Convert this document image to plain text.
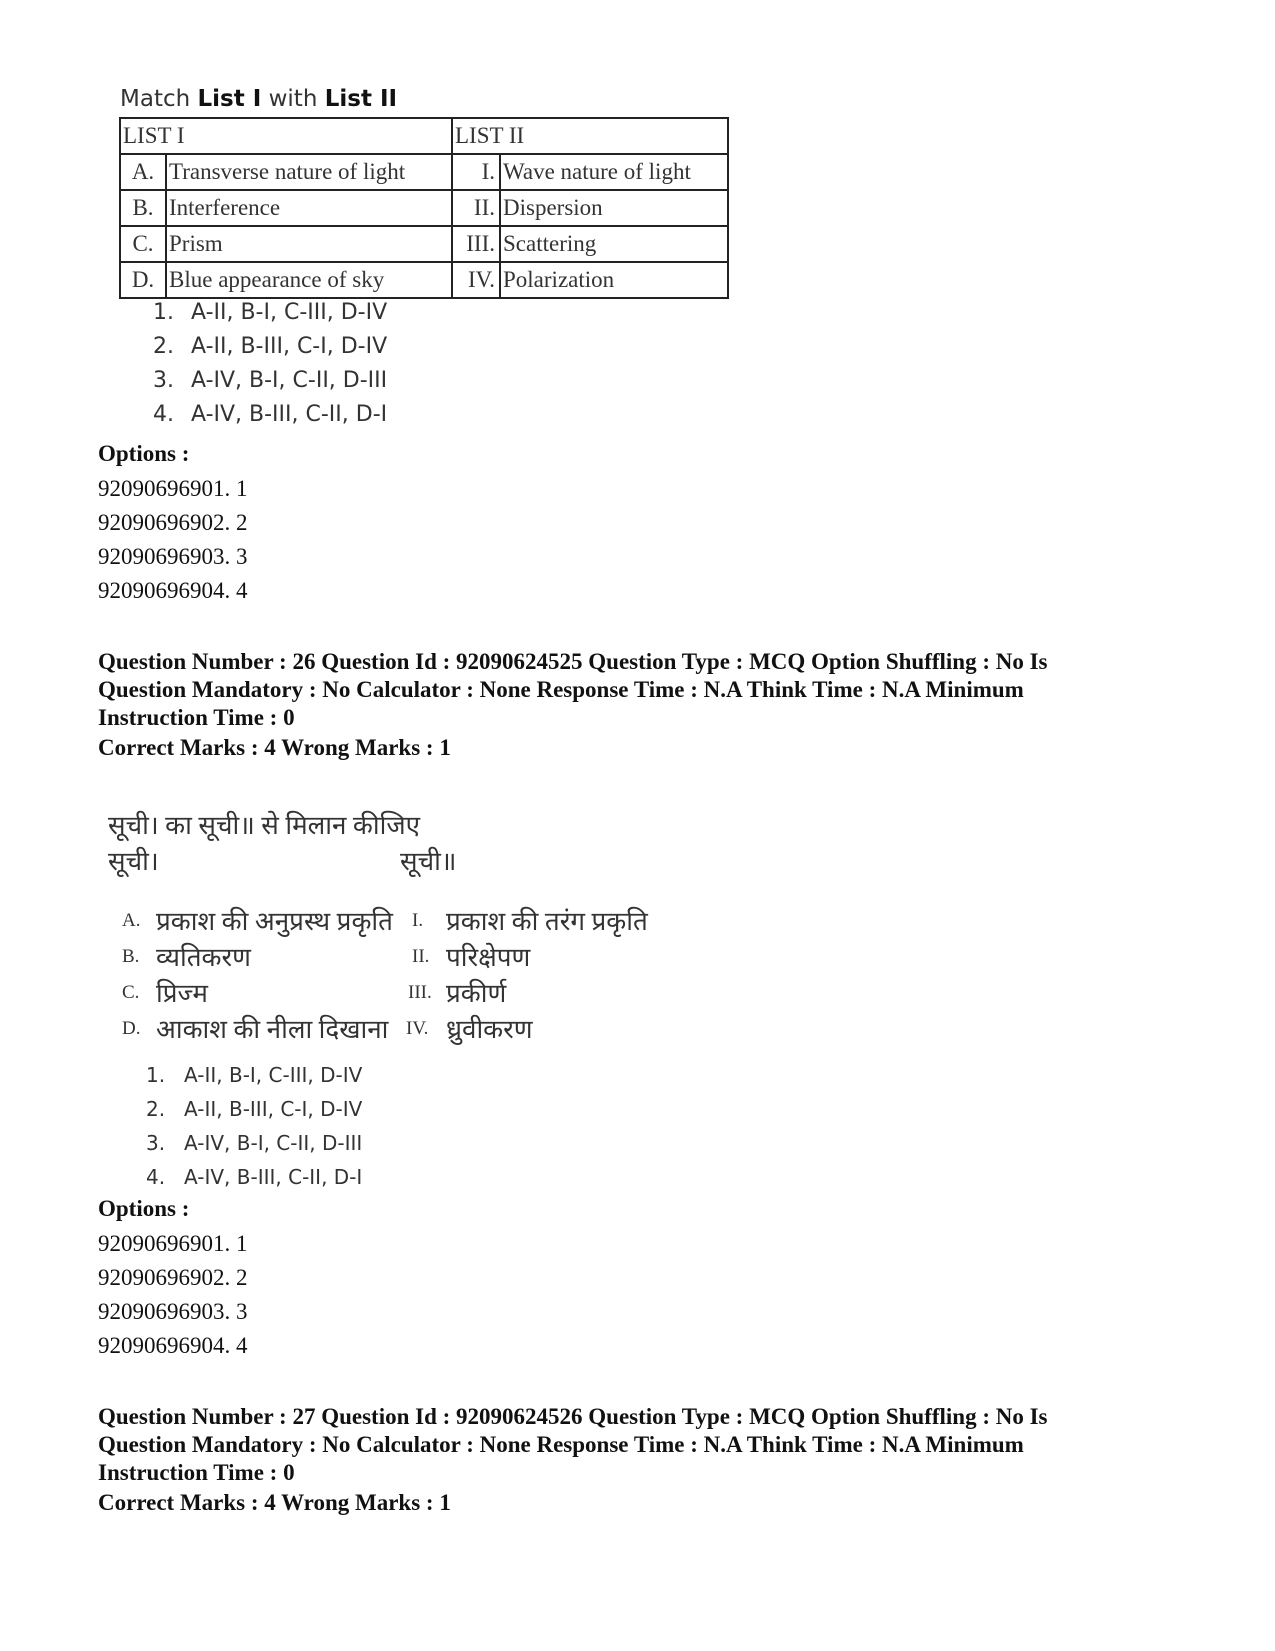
Match List I with List II
LIST I		LIST II	
A.	Transverse nature of light	I.	Wave nature of light
B.	Interference	II.	Dispersion
C.	Prism	III.	Scattering
D.	Blue appearance of sky	IV.	Polarization
1. A-II, B-I, C-III, D-IV
2. A-II, B-III, C-I, D-IV
3. A-IV, B-I, C-II, D-III
4. A-IV, B-III, C-II, D-I
Options :
92090696901. 1
92090696902. 2
92090696903. 3
92090696904. 4
Question Number : 26 Question Id : 92090624525 Question Type : MCQ Option Shuffling : No Is
Question Mandatory : No Calculator : None Response Time : N.A Think Time : N.A Minimum
Instruction Time : 0
Correct Marks : 4 Wrong Marks : 1
सूची। का सूची॥ से मिलान कीजिए
सूची।	सूची॥
A. प्रकाश की अनुप्रस्थ प्रकृति I. प्रकाश की तरंग प्रकृति
B. व्यतिकरण	II. परिक्षेपण
C. प्रिज्म	III. प्रकीर्ण
D. आकाश की नीला दिखाना IV. ध्रुवीकरण
1. A-II, B-I, C-III, D-IV
2. A-II, B-III, C-I, D-IV
3. A-IV, B-I, C-II, D-III
4. A-IV, B-III, C-II, D-I
Options :
92090696901. 1
92090696902. 2
92090696903. 3
92090696904. 4
Question Number : 27 Question Id : 92090624526 Question Type : MCQ Option Shuffling : No Is
Question Mandatory : No Calculator : None Response Time : N.A Think Time : N.A Minimum
Instruction Time : 0
Correct Marks : 4 Wrong Marks : 1
